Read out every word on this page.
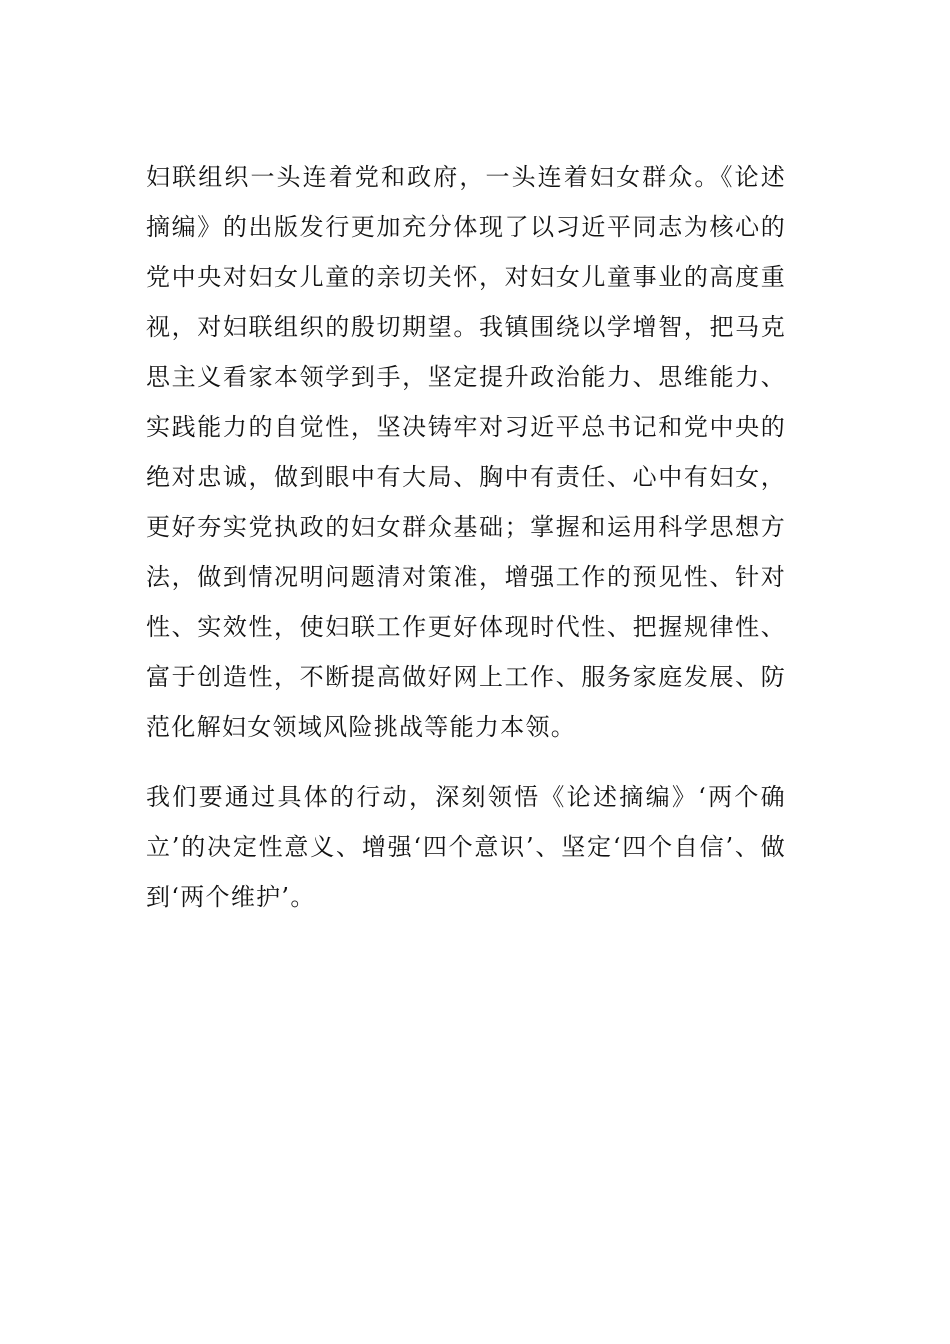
妇联组织一头连着党和政府，一头连着妇女群众。《论述摘编》的出版发行更加充分体现了以习近平同志为核心的党中央对妇女儿童的亲切关怀，对妇女儿童事业的高度重视，对妇联组织的殷切期望。我镇围绕以学增智，把马克思主义看家本领学到手，坚定提升政治能力、思维能力、实践能力的自觉性，坚决铸牢对习近平总书记和党中央的绝对忠诚，做到眼中有大局、胸中有责任、心中有妇女，更好夯实党执政的妇女群众基础；掌握和运用科学思想方法，做到情况明问题清对策准，增强工作的预见性、针对性、实效性，使妇联工作更好体现时代性、把握规律性、富于创造性，不断提高做好网上工作、服务家庭发展、防范化解妇女领域风险挑战等能力本领。

我们要通过具体的行动，深刻领悟《论述摘编》‘两个确立’的决定性意义、增强‘四个意识’、坚定‘四个自信’、做到‘两个维护’。
